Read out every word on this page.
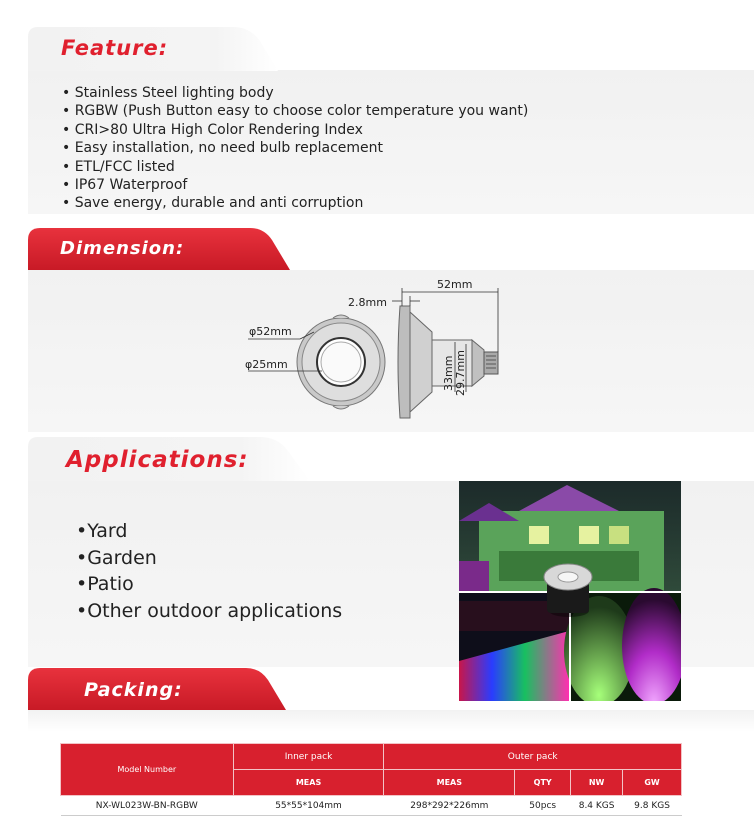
Feature:
• Stainless Steel lighting body
• RGBW (Push Button easy to choose color temperature you want)
• CRI>80 Ultra High Color Rendering Index
• Easy installation, no need bulb replacement
• ETL/FCC listed
• IP67 Waterproof
• Save energy, durable and anti corruption
Dimension:
φ52mm
φ25mm
52mm
2.8mm
33mm 29.7mm
Applications:
•Yard
•Garden
•Patio
•Other outdoor applications
Packing:
Model Number	Inner pack	Outer pack			
	MEAS	MEAS	QTY	NW	GW
NX-WL023W-BN-RGBW	55*55*104mm	298*292*226mm	50pcs	8.4 KGS	9.8 KGS
